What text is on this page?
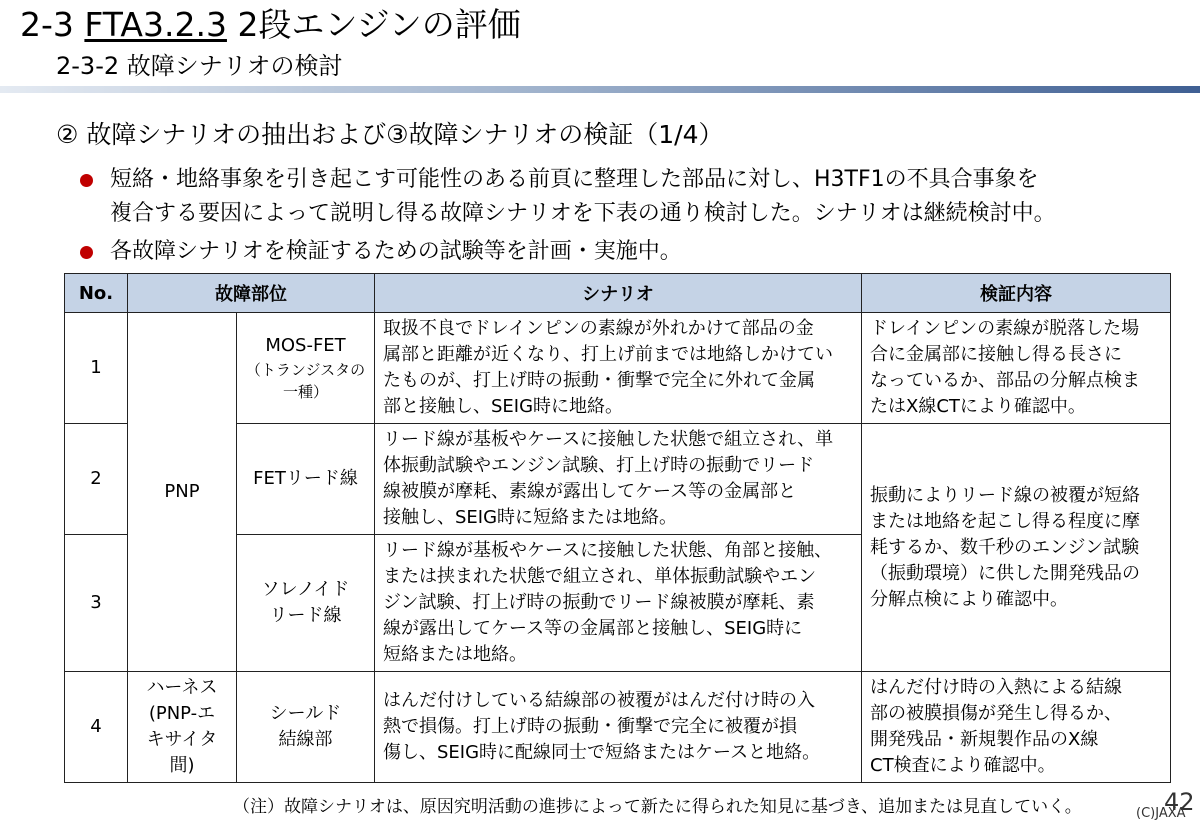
2-3 FTA3.2.3 2段エンジンの評価
2-3-2 故障シナリオの検討
② 故障シナリオの抽出および③故障シナリオの検証（1/4）
短絡・地絡事象を引き起こす可能性のある前頁に整理した部品に対し、H3TF1の不具合事象を
複合する要因によって説明し得る故障シナリオを下表の通り検討した。シナリオは継続検討中。
各故障シナリオを検証するための試験等を計画・実施中。
No.	故障部位		シナリオ	検証内容
1	PNP	MOS-FET
（トランジスタの
一種）	取扱不良でドレインピンの素線が外れかけて部品の金
属部と距離が近くなり、打上げ前までは地絡しかけてい
たものが、打上げ時の振動・衝撃で完全に外れて金属
部と接触し、SEIG時に地絡。	ドレインピンの素線が脱落した場
合に金属部に接触し得る長さに
なっているか、部品の分解点検ま
たはX線CTにより確認中。
2		FETリード線	リード線が基板やケースに接触した状態で組立され、単
体振動試験やエンジン試験、打上げ時の振動でリード
線被膜が摩耗、素線が露出してケース等の金属部と
接触し、SEIG時に短絡または地絡。	振動によりリード線の被覆が短絡
または地絡を起こし得る程度に摩
耗するか、数千秒のエンジン試験
（振動環境）に供した開発残品の
分解点検により確認中。
3		ソレノイド
リード線	リード線が基板やケースに接触した状態、角部と接触、
または挟まれた状態で組立され、単体振動試験やエン
ジン試験、打上げ時の振動でリード線被膜が摩耗、素
線が露出してケース等の金属部と接触し、SEIG時に
短絡または地絡。	
4	ハーネス
(PNP-エ
キサイタ
間)	シールド
結線部	はんだ付けしている結線部の被覆がはんだ付け時の入
熱で損傷。打上げ時の振動・衝撃で完全に被覆が損
傷し、SEIG時に配線同士で短絡またはケースと地絡。	はんだ付け時の入熱による結線
部の被膜損傷が発生し得るか、
開発残品・新規製作品のX線
CT検査により確認中。
（注）故障シナリオは、原因究明活動の進捗によって新たに得られた知見に基づき、追加または見直していく。	42
(C)JAXA
